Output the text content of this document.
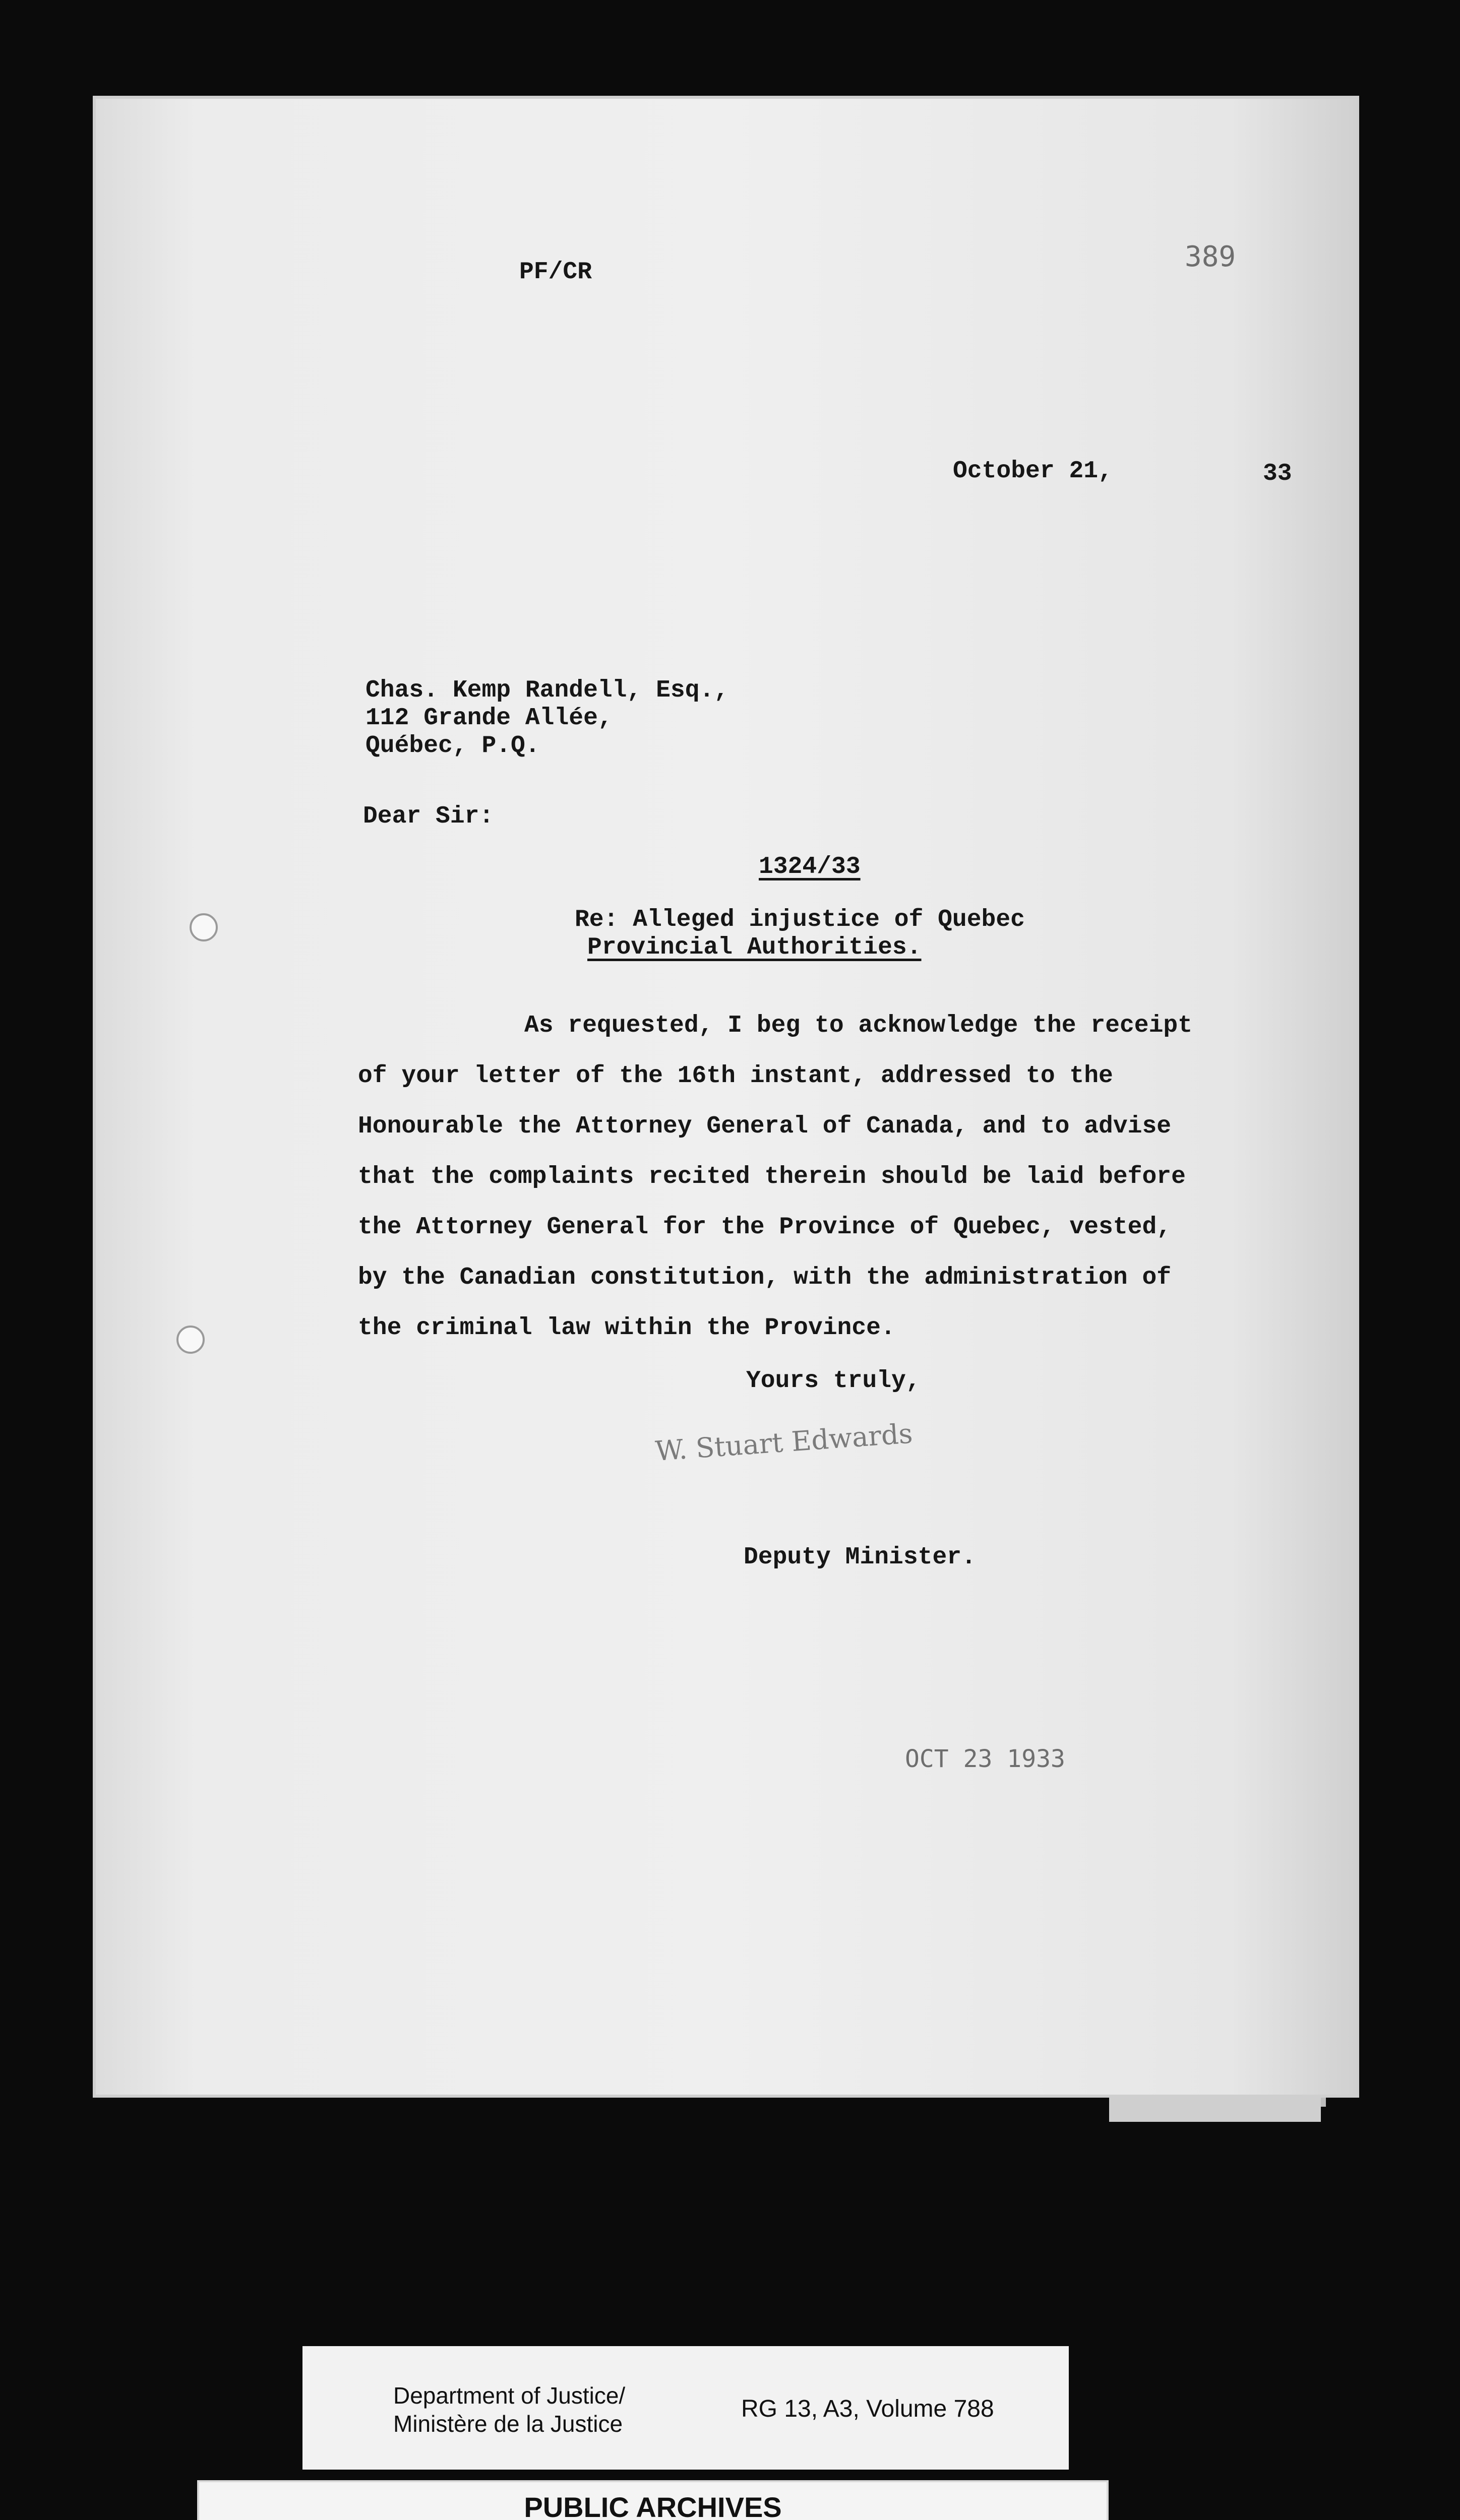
PF/CR	389
October 21,	33
Chas. Kemp Randell, Esq.,
112 Grande Allée,
Québec, P.Q.
Dear Sir:
1324/33
Re: Alleged injustice of Quebec
Provincial Authorities.
As requested, I beg to acknowledge the receipt
of your letter of the 16th instant, addressed to the
Honourable the Attorney General of Canada, and to advise
that the complaints recited therein should be laid before
the Attorney General for the Province of Quebec, vested,
by the Canadian constitution, with the administration of
the criminal law within the Province.
Yours truly,
W. Stuart Edwards
Deputy Minister.
OCT 23 1933
Department of Justice/
Ministère de la Justice
RG 13, A3, Volume 788
PUBLIC ARCHIVES
